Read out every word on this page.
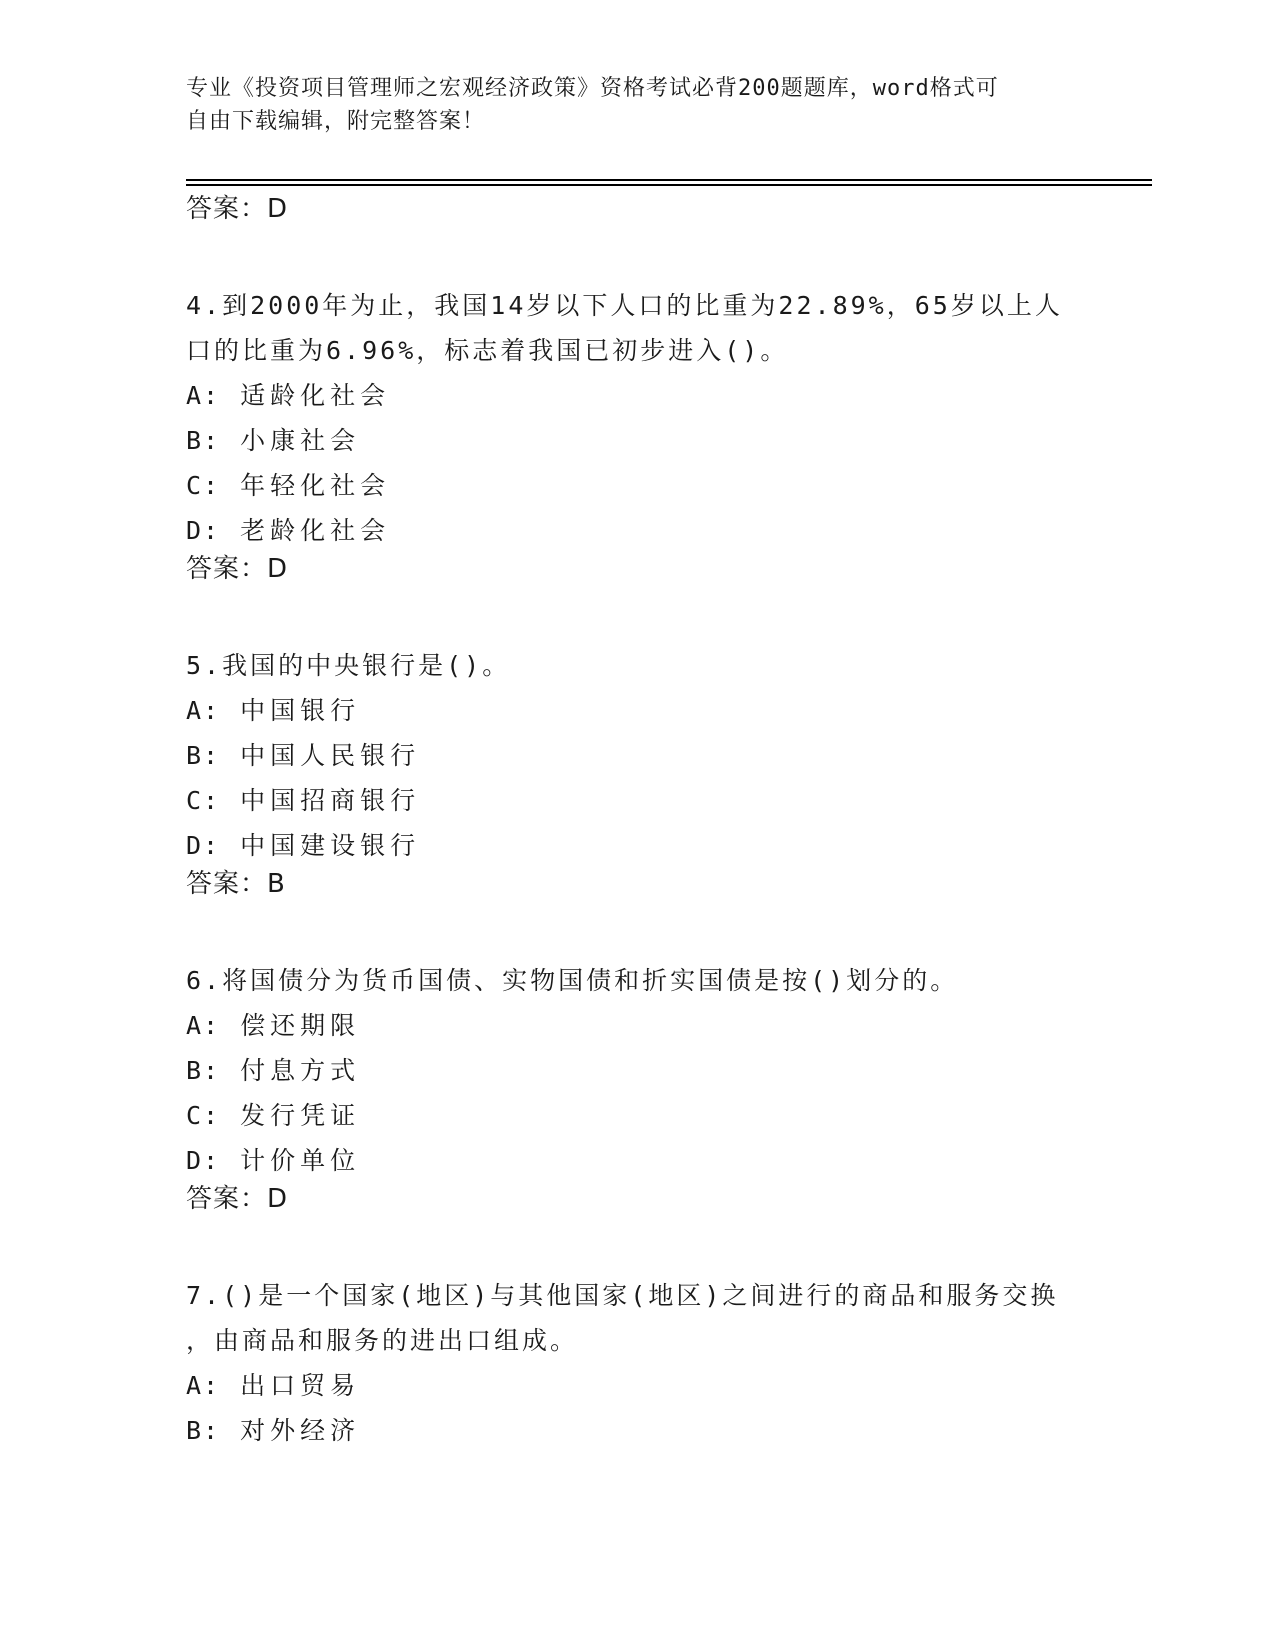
专业《投资项目管理师之宏观经济政策》资格考试必背200题题库，word格式可
自由下载编辑，附完整答案！
答案：D
4.到2000年为止，我国14岁以下人口的比重为22.89%，65岁以上人
口的比重为6.96%，标志着我国已初步进入()。
A: 适龄化社会
B: 小康社会
C: 年轻化社会
D: 老龄化社会
答案：D
5.我国的中央银行是()。
A: 中国银行
B: 中国人民银行
C: 中国招商银行
D: 中国建设银行
答案：B
6.将国债分为货币国债、实物国债和折实国债是按()划分的。
A: 偿还期限
B: 付息方式
C: 发行凭证
D: 计价单位
答案：D
7.()是一个国家(地区)与其他国家(地区)之间进行的商品和服务交换
，由商品和服务的进出口组成。
A: 出口贸易
B: 对外经济
